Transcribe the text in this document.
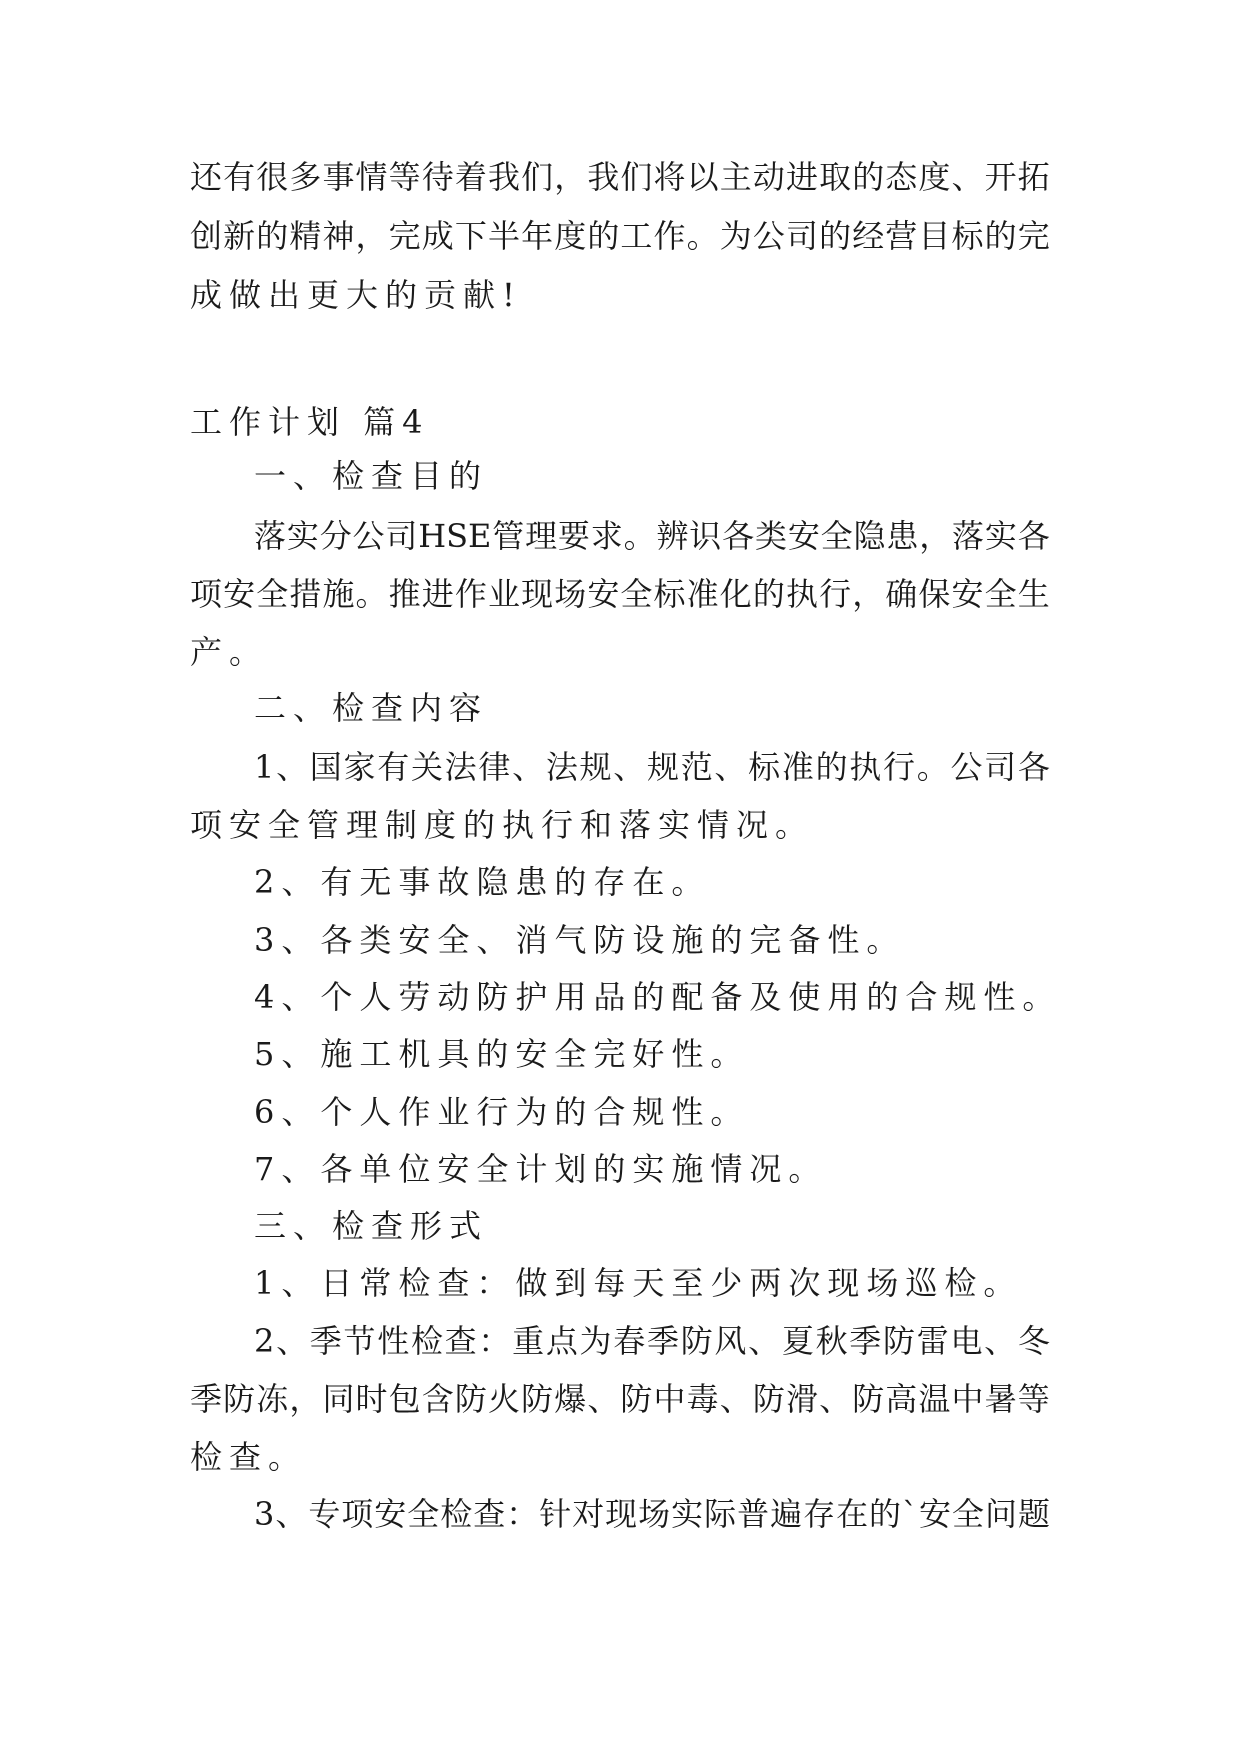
还 有 很 多 事 情 等 待 着 我 们 ， 我 们 将 以 主 动 进 取 的 态 度 、 开 拓
创 新 的 精 神 ， 完 成 下 半 年 度 的 工 作 。 为 公 司 的 经 营 目 标 的 完
成做出更大的贡献!
工作计划 篇4
一、检查目的
落 实 分 公 司 HSE 管 理 要 求 。 辨 识 各 类 安 全 隐 患 ， 落 实 各
项 安 全 措 施 。 推 进 作 业 现 场 安 全 标 准 化 的 执 行 ， 确 保 安 全 生
产。
二、检查内容
1 、 国 家 有 关 法 律 、 法 规 、 规 范 、 标 准 的 执 行 。 公 司 各
项安全管理制度的执行和落实情况。
2、有无事故隐患的存在。
3、各类安全、消气防设施的完备性。
4、个人劳动防护用品的配备及使用的合规性。
5、施工机具的安全完好性。
6、个人作业行为的合规性。
7、各单位安全计划的实施情况。
三、检查形式
1、日常检查：做到每天至少两次现场巡检。
2 、 季 节 性 检 查 ： 重 点 为 春 季 防 风 、 夏 秋 季 防 雷 电 、 冬
季 防 冻 ， 同 时 包 含 防 火 防 爆 、 防 中 毒 、 防 滑 、 防 高 温 中 暑 等
检查。
3 、 专 项 安 全 检 查 ： 针 对 现 场 实 际 普 遍 存 在 的 ` 安 全 问 题
